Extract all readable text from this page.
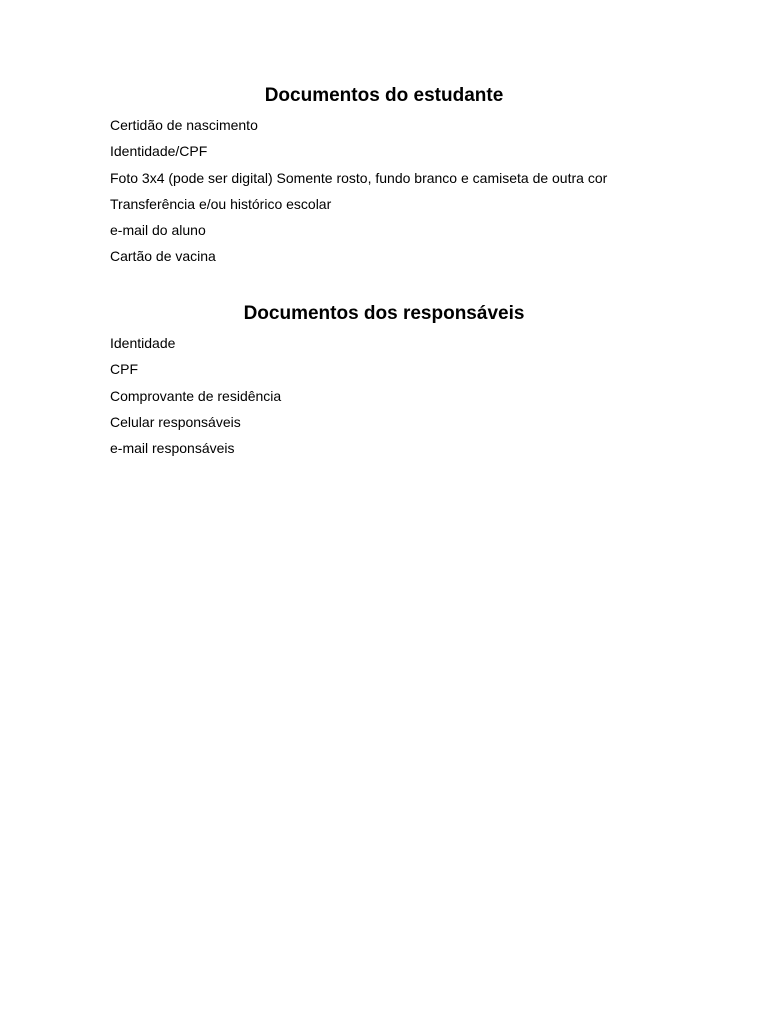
Documentos do estudante
Certidão de nascimento
Identidade/CPF
Foto 3x4 (pode ser digital) Somente rosto, fundo branco e camiseta de outra cor
Transferência e/ou histórico escolar
e-mail do aluno
Cartão de vacina
Documentos dos responsáveis
Identidade
CPF
Comprovante de residência
Celular responsáveis
e-mail responsáveis
